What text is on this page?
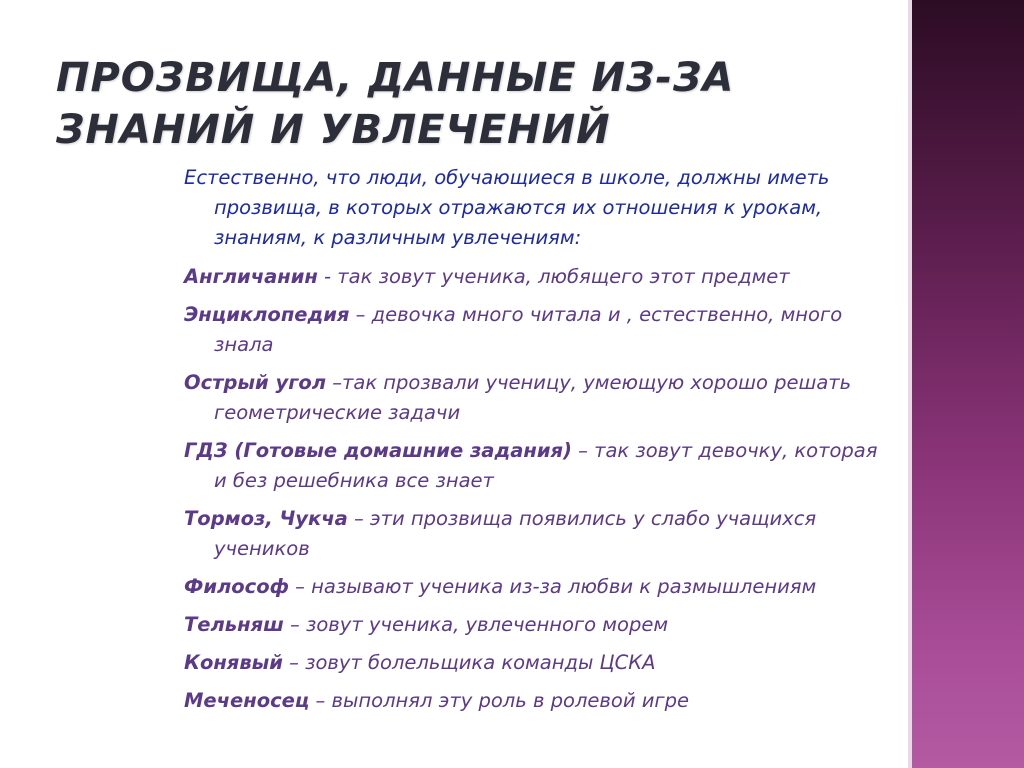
ПРОЗВИЩА, ДАННЫЕ ИЗ-ЗА ЗНАНИЙ И УВЛЕЧЕНИЙ
Естественно, что люди, обучающиеся в школе, должны иметь прозвища, в которых отражаются их отношения к урокам, знаниям, к различным увлечениям:
Англичанин - так зовут ученика, любящего этот предмет
Энциклопедия – девочка много читала и , естественно, много знала
Острый угол –так прозвали ученицу, умеющую хорошо решать геометрические задачи
ГДЗ (Готовые домашние задания) – так зовут девочку, которая и без решебника все знает
Тормоз, Чукча – эти прозвища появились у слабо учащихся учеников
Философ – называют ученика из-за любви к размышлениям
Тельняш – зовут ученика, увлеченного морем
Конявый – зовут болельщика команды ЦСКА
Меченосец – выполнял эту роль в ролевой игре
